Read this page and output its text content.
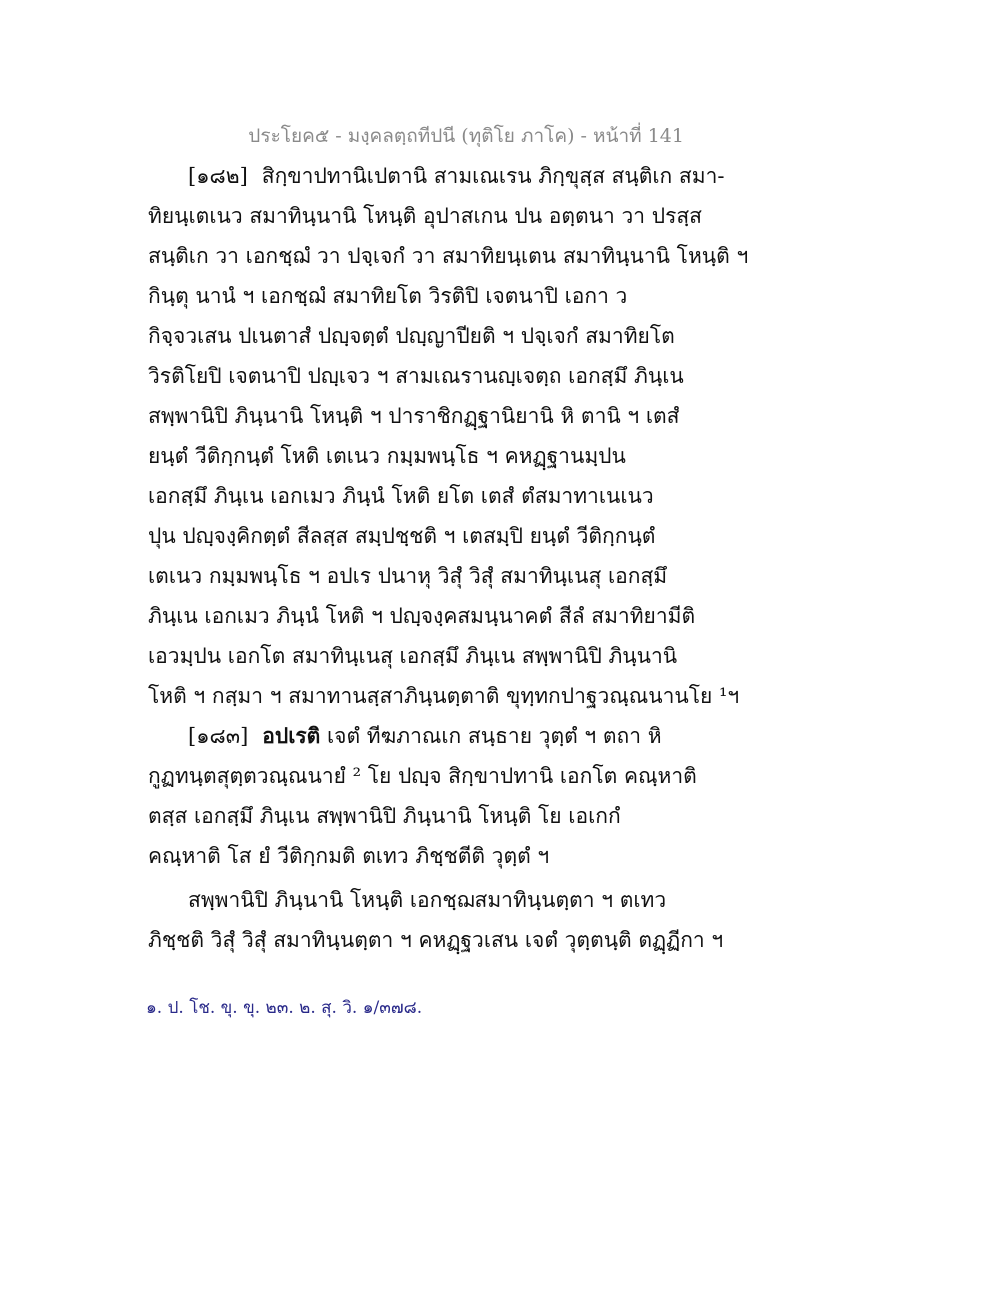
ประโยค๕ - มงฺคลตฺถทีปนี (ทุติโย ภาโค) - หน้าที่ 141
[๑๘๒] สิกฺขาปทานิเปตานิ สามเณเรน ภิกฺขุสฺส สนฺติเก สมา-
ทิยนฺเตเนว สมาทินฺนานิ โหนฺติ อุปาสเกน ปน อตฺตนา วา ปรสฺส
สนฺติเก วา เอกชฺฌํ วา ปจฺเจกํ วา สมาทิยนฺเตน สมาทินฺนานิ โหนฺติ ฯ
กินฺตุ นานํ ฯ เอกชฺฌํ สมาทิยโต วิรติปิ เจตนาปิ เอกา ว
กิจฺจวเสน ปเนตาสํ ปญฺจตฺตํ ปญฺญาปียติ ฯ ปจฺเจกํ สมาทิยโต
วิรติโยปิ เจตนาปิ ปญฺเจว ฯ สามเณรานญฺเจตฺถ เอกสฺมึ ภินฺเน
สพฺพานิปิ ภินฺนานิ โหนฺติ ฯ ปาราชิกฏฺฐานิยานิ หิ ตานิ ฯ เตสํ
ยนฺตํ วีติกฺกนฺตํ โหติ เตเนว กมฺมพนฺโธ ฯ คหฏฺฐานมฺปน
เอกสฺมึ ภินฺเน เอกเมว ภินฺนํ โหติ ยโต เตสํ ตํสมาทาเนเนว
ปุน ปญฺจงฺคิกตฺตํ สีลสฺส สมฺปชฺชติ ฯ เตสมฺปิ ยนฺตํ วีติกฺกนฺตํ
เตเนว กมฺมพนฺโธ ฯ อปเร ปนาหุ วิสุํ วิสุํ สมาทินฺเนสุ เอกสฺมึ
ภินฺเน เอกเมว ภินฺนํ โหติ ฯ ปญฺจงฺคสมนฺนาคตํ สีลํ สมาทิยามีติ
เอวมฺปน เอกโต สมาทินฺเนสุ เอกสฺมึ ภินฺเน สพฺพานิปิ ภินฺนานิ
โหติ ฯ กสฺมา ฯ สมาทานสฺสาภินฺนตฺตาติ ขุทฺทกปาฐวณฺณนานโย ¹ฯ
[๑๘๓] อปเรติ เจตํ ทีฆภาณเก สนฺธาย วุตฺตํ ฯ ตถา หิ
กูฏทนฺตสุตฺตวณฺณนายํ ² โย ปญฺจ สิกฺขาปทานิ เอกโต คณฺหาติ
ตสฺส เอกสฺมึ ภินฺเน สพฺพานิปิ ภินฺนานิ โหนฺติ โย เอเกกํ
คณฺหาติ โส ยํ วีติกฺกมติ ตเทว ภิชฺชตีติ วุตฺตํ ฯ
สพฺพานิปิ ภินฺนานิ โหนฺติ เอกชฺฌสมาทินฺนตฺตา ฯ ตเทว
ภิชฺชติ วิสุํ วิสุํ สมาทินฺนตฺตา ฯ คหฏฺฐวเสน เจตํ วุตฺตนฺติ ตฏฺฏีกา ฯ
๑. ป. โช. ขุ. ขุ. ๒๓. ๒. สุ. วิ. ๑/๓๗๘.
